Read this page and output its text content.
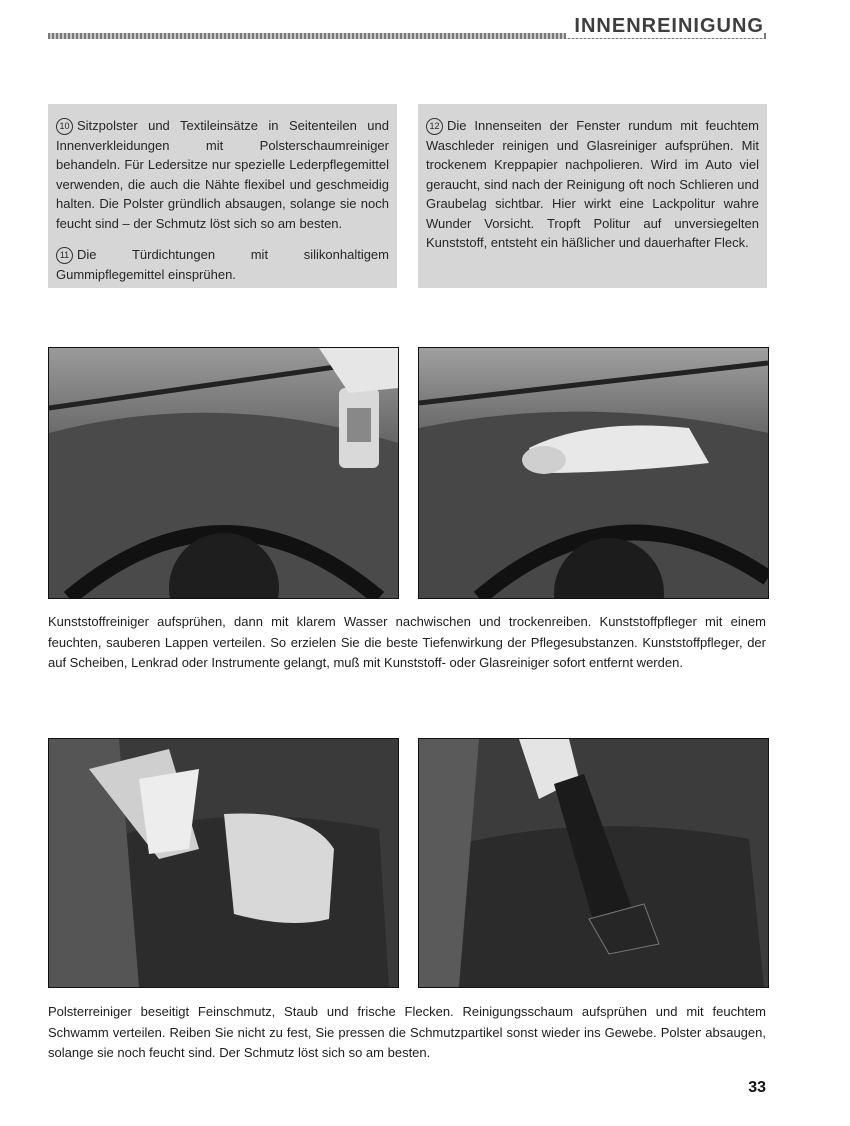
INNENREINIGUNG

10 Sitzpolster und Textileinsätze in Seitenteilen und Innenverkleidungen mit Polsterschaumreiniger behandeln. Für Ledersitze nur spezielle Lederpflegemittel verwenden, die auch die Nähte flexibel und geschmeidig halten. Die Polster gründlich absaugen, solange sie noch feucht sind – der Schmutz löst sich so am besten.

11 Die Türdichtungen mit silikonhaltigem Gummipflegemittel einsprühen.

12 Die Innenseiten der Fenster rundum mit feuchtem Waschleder reinigen und Glasreiniger aufsprühen. Mit trockenem Kreppapier nachpolieren. Wird im Auto viel geraucht, sind nach der Reinigung oft noch Schlieren und Graubelag sichtbar. Hier wirkt eine Lackpolitur wahre Wunder Vorsicht. Tropft Politur auf unversiegelten Kunststoff, entsteht ein häßlicher und dauerhafter Fleck.

Kunststoffreiniger aufsprühen, dann mit klarem Wasser nachwischen und trockenreiben. Kunststoffpfleger mit einem feuchten, sauberen Lappen verteilen. So erzielen Sie die beste Tiefenwirkung der Pflegesubstanzen. Kunststoffpfleger, der auf Scheiben, Lenkrad oder Instrumente gelangt, muß mit Kunststoff- oder Glasreiniger sofort entfernt werden.
Polsterreiniger beseitigt Feinschmutz, Staub und frische Flecken. Reinigungsschaum aufsprühen und mit feuchtem Schwamm verteilen. Reiben Sie nicht zu fest, Sie pressen die Schmutzpartikel sonst wieder ins Gewebe. Polster absaugen, solange sie noch feucht sind. Der Schmutz löst sich so am besten.
33
